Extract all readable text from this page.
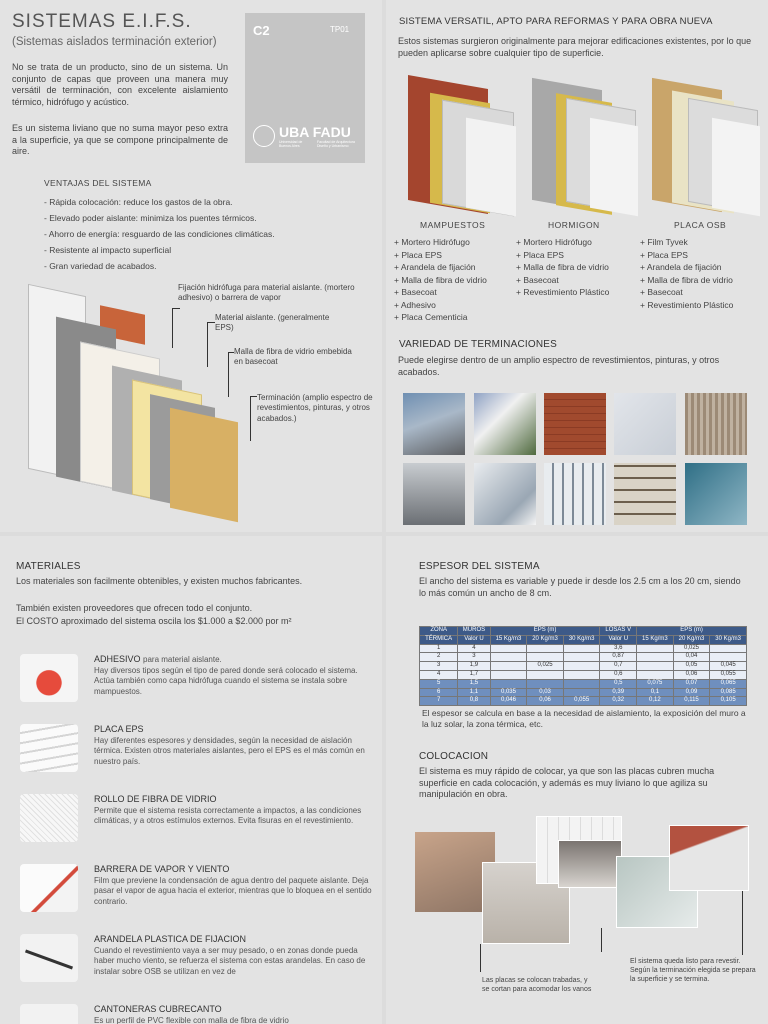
SISTEMAS E.I.F.S.
(Sistemas aislados terminación exterior)
No se trata de un producto, sino de un sistema. Un conjunto de capas que proveen una manera muy versátil de terminación, con excelente aislamiento térmico, hidrófugo y acústico.
Es un sistema liviano que no suma mayor peso extra a la superficie, ya que se compone principalmente de aire.
C2	TP01
UBA FADU
Universidad de Buenos Aires
Facultad de Arquitectura Diseño y Urbanismo
VENTAJAS DEL SISTEMA
- Rápida colocación: reduce los gastos de la obra.
- Elevado poder aislante: minimiza los puentes térmicos.
- Ahorro de energía: resguardo de las condiciones climáticas.
- Resistente al impacto superficial
- Gran variedad de acabados.
Fijación hidrófuga para material aislante. (mortero adhesivo) o barrera de vapor
Material aislante. (generalmente EPS)
Malla de fibra de vidrio embebida en basecoat
Terminación (amplio espectro de revestimientos, pinturas, y otros acabados.)
SISTEMA VERSATIL, APTO PARA REFORMAS Y PARA OBRA NUEVA
Estos sistemas surgieron originalmente para mejorar edificaciones existentes, por lo que pueden aplicarse sobre cualquier tipo de superficie.
MAMPUESTOS	HORMIGON	PLACA OSB
+ Mortero Hidrófugo
+ Placa EPS
+ Arandela de fijación
+ Malla de fibra de vidrio
+ Basecoat
+ Adhesivo
+ Placa Cementicia
+ Mortero Hidrófugo
+ Placa EPS
+ Malla de fibra de vidrio
+ Basecoat
+ Revestimiento Plástico
+ Film Tyvek
+ Placa EPS
+ Arandela de fijación
+ Malla de fibra de vidrio
+ Basecoat
+ Revestimiento Plástico
VARIEDAD DE TERMINACIONES
Puede elegirse dentro de un amplio espectro de revestimientos, pinturas, y otros acabados.
MATERIALES
Los materiales son facilmente obtenibles, y existen muchos fabricantes.
También existen proveedores que ofrecen todo el conjunto.
El COSTO aproximado del sistema oscila los $1.000 a $2.000 por m²
ADHESIVO para material aislante.
Hay diversos tipos según el tipo de pared donde será colocado el sistema. Actúa también como capa hidrófuga cuando el sistema se instala sobre mampuestos.
PLACA EPS
Hay diferentes espesores y densidades, según la necesidad de aislación térmica. Existen otros materiales aislantes, pero el EPS es el más común en nuestro país.
ROLLO DE FIBRA DE VIDRIO
Permite que el sistema resista correctamente a impactos, a las condiciones climáticas, y a otros estímulos externos. Evita fisuras en el revestimiento.
BARRERA DE VAPOR Y VIENTO
Film que previene la condensación de agua dentro del paquete aislante. Deja pasar el vapor de agua hacia el exterior, mientras que lo bloquea en el sentido contrario.
ARANDELA PLASTICA DE FIJACION
Cuando el revestimiento vaya a ser muy pesado, o en zonas donde pueda haber mucho viento, se refuerza el sistema con estas arandelas. En caso de instalar sobre OSB se utilizan en vez de
CANTONERAS CUBRECANTO
Es un perfil de PVC flexible con malla de fibra de vidrio
ESPESOR DEL SISTEMA
El ancho del sistema es variable y puede ir desde los 2.5 cm a los 20 cm, siendo lo más común un ancho de 8 cm.
ZONA	MUROS	EPS (m)			LOSAS V	EPS (m)		
TÉRMICA	Valor U	15 Kg/m3	20 Kg/m3	30 Kg/m3	Valor U	15 Kg/m3	20 Kg/m3	30 Kg/m3
1	4				3,6		0,025	
2	3				0,87		0,04	
3	1,9		0,025		0,7		0,05	0,045
4	1,7				0,6		0,06	0,055
5	1,5				0,5	0,075	0,07	0,065
6	1,1	0,035	0,03		0,39	0,1	0,09	0,085
7	0,8	0,046	0,06	0,055	0,32	0,12	0,115	0,105
El espesor se calcula en base a la necesidad de aislamiento, la exposición del muro a la luz solar, la zona térmica, etc.
COLOCACION
El sistema es muy rápido de colocar, ya que son las placas cubren mucha superficie en cada colocación, y además es muy liviano lo que agiliza su manipulación en obra.
Las placas se colocan trabadas, y se cortan para acomodar los vanos
El sistema queda listo para revestir. Según la terminación elegida se prepara la superficie y se termina.
